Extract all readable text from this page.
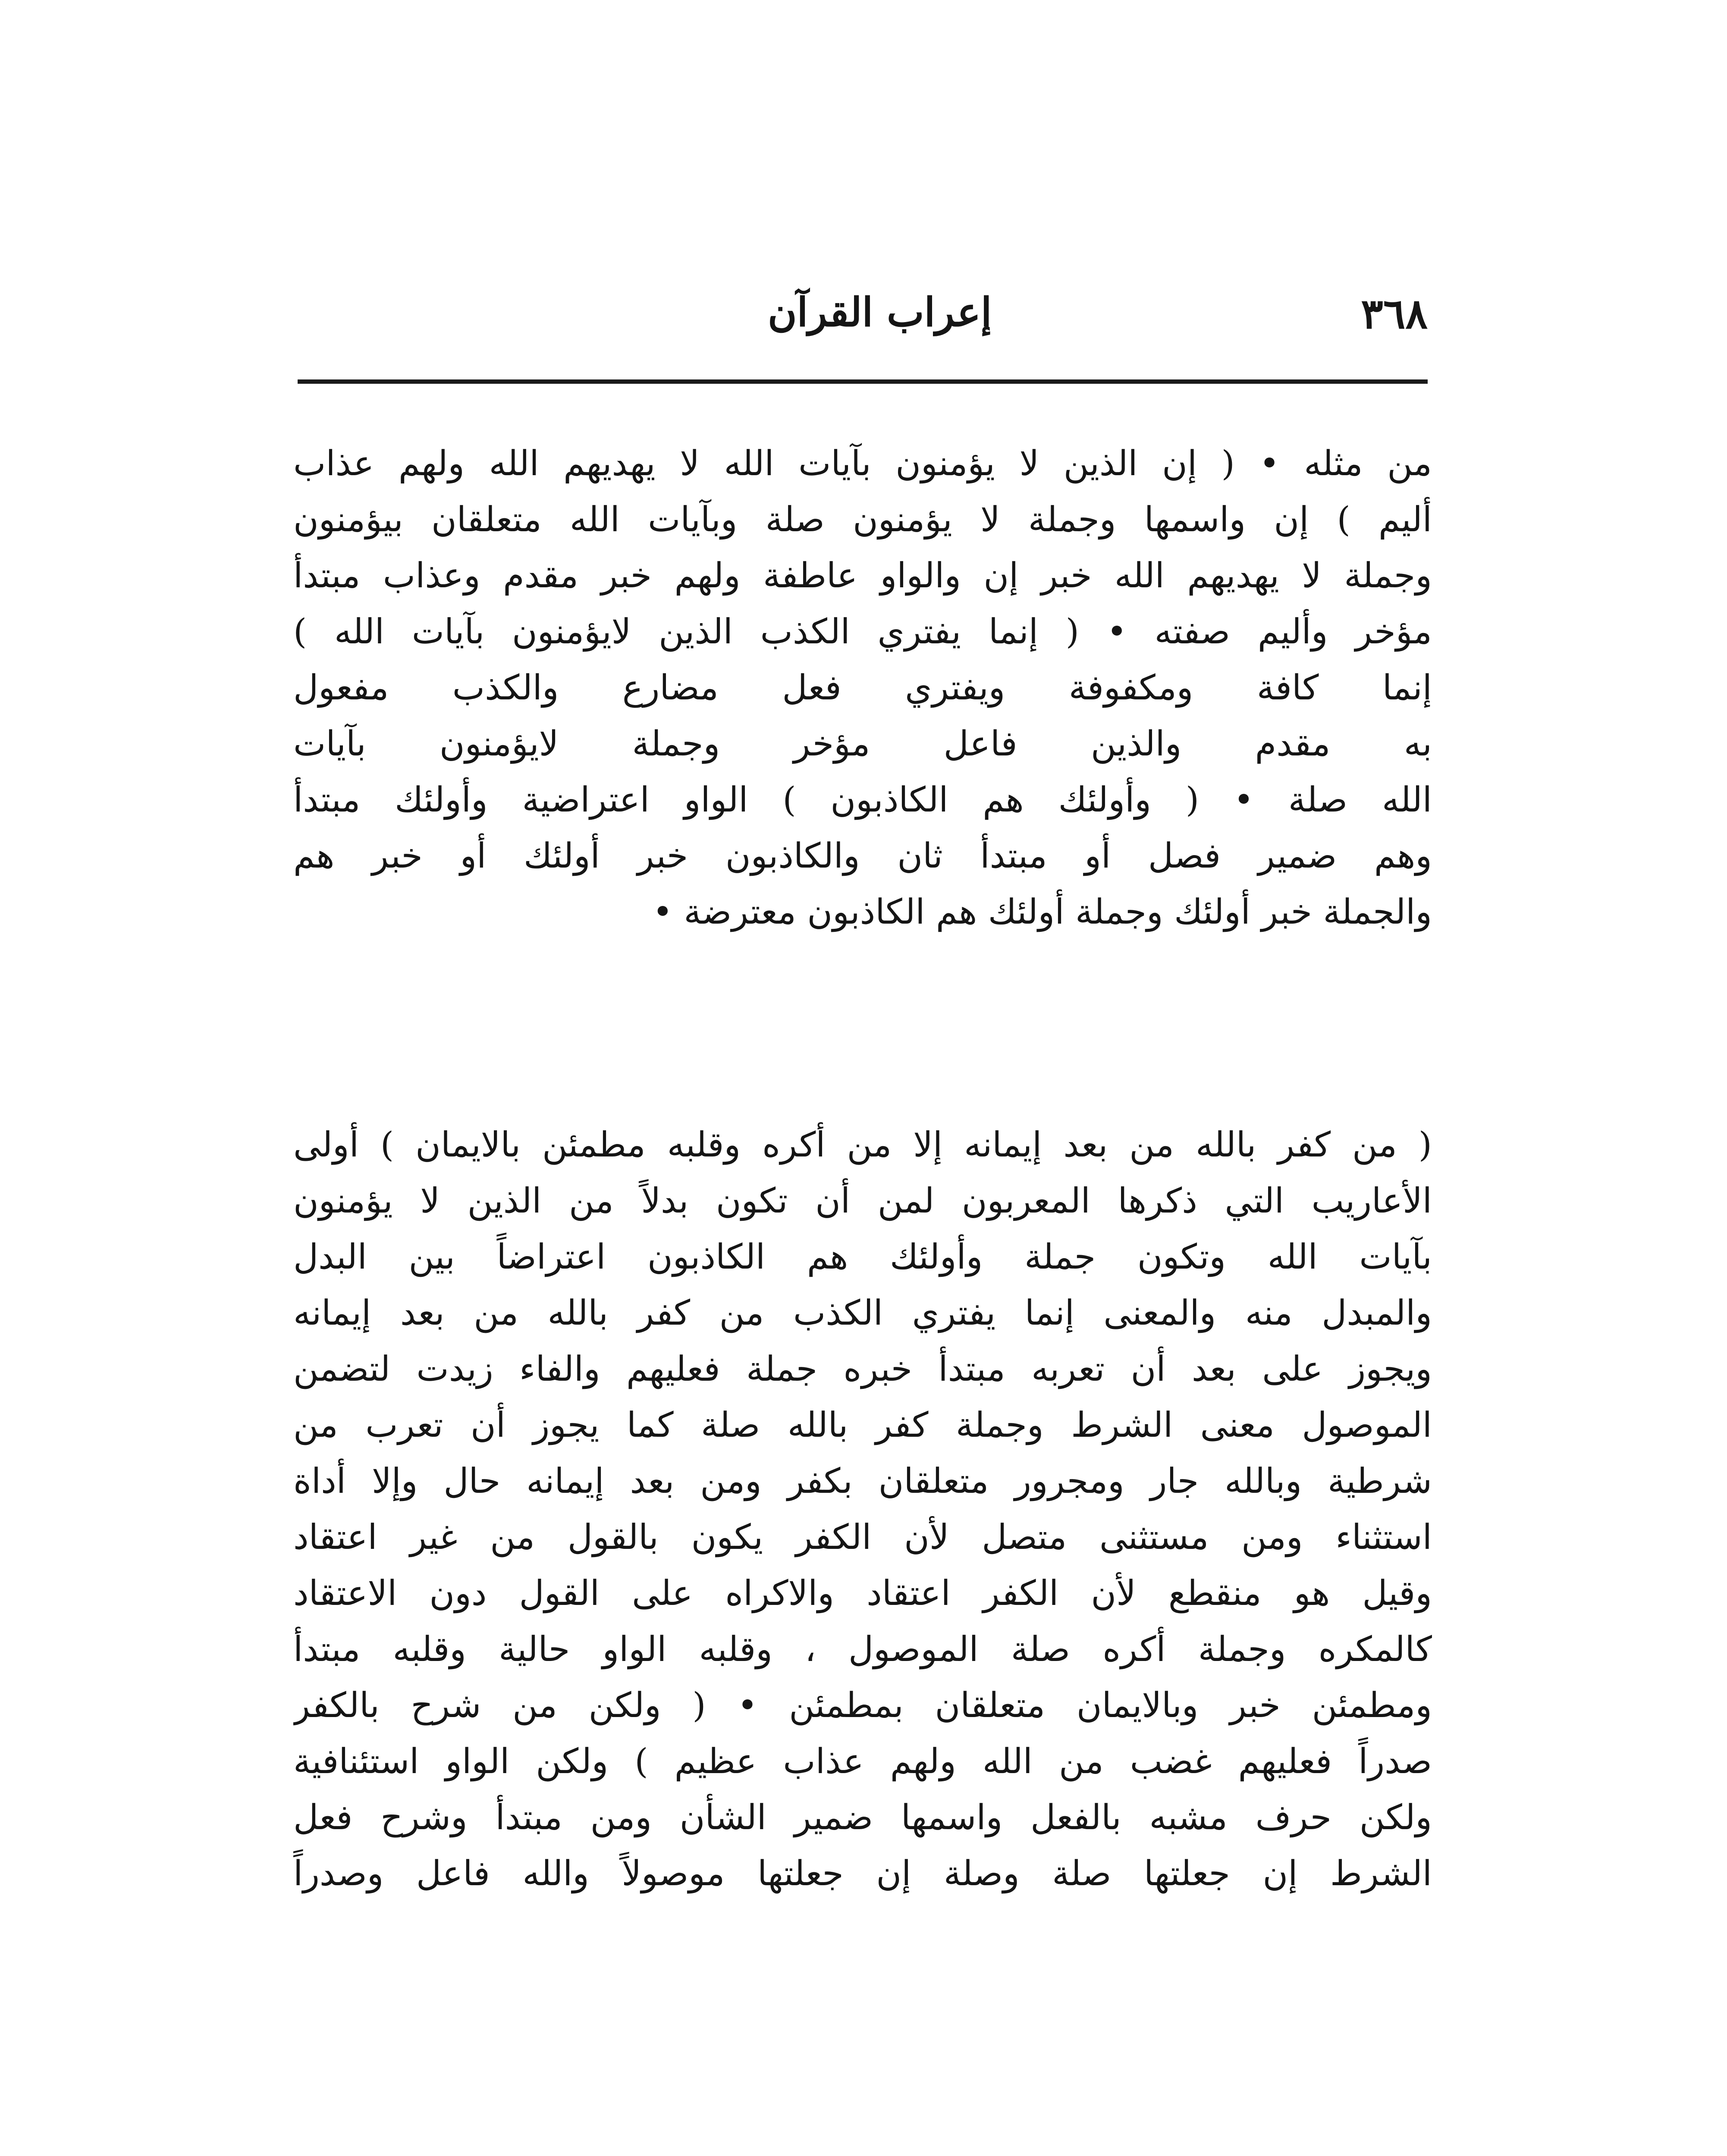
٣٦٨
إعراب القرآن
من مثله • ( إن الذين لا يؤمنون بآيات الله لا يهديهم الله ولهم عذاب
أليم ) إن واسمها وجملة لا يؤمنون صلة وبآيات الله متعلقان بيؤمنون
وجملة لا يهديهم الله خبر إن والواو عاطفة ولهم خبر مقدم وعذاب مبتدأ
مؤخر وأليم صفته • ( إنما يفتري الكذب الذين لايؤمنون بآيات الله )
إنما كافة ومكفوفة ويفتري فعل مضارع والكذب مفعول
به مقدم والذين فاعل مؤخر وجملة لايؤمنون بآيات
الله صلة • ( وأولئك هم الكاذبون ) الواو اعتراضية وأولئك مبتدأ
وهم ضمير فصل أو مبتدأ ثان والكاذبون خبر أولئك أو خبر هم
والجملة خبر أولئك وجملة أولئك هم الكاذبون معترضة •
( من كفر بالله من بعد إيمانه إلا من أكره وقلبه مطمئن بالايمان ) أولى
الأعاريب التي ذكرها المعربون لمن أن تكون بدلاً من الذين لا يؤمنون
بآيات الله وتكون جملة وأولئك هم الكاذبون اعتراضاً بين البدل
والمبدل منه والمعنى إنما يفتري الكذب من كفر بالله من بعد إيمانه
ويجوز على بعد أن تعربه مبتدأ خبره جملة فعليهم والفاء زيدت لتضمن
الموصول معنى الشرط وجملة كفر بالله صلة كما يجوز أن تعرب من
شرطية وبالله جار ومجرور متعلقان بكفر ومن بعد إيمانه حال وإلا أداة
استثناء ومن مستثنى متصل لأن الكفر يكون بالقول من غير اعتقاد
وقيل هو منقطع لأن الكفر اعتقاد والاكراه على القول دون الاعتقاد
كالمكره وجملة أكره صلة الموصول ، وقلبه الواو حالية وقلبه مبتدأ
ومطمئن خبر وبالايمان متعلقان بمطمئن • ( ولكن من شرح بالكفر
صدراً فعليهم غضب من الله ولهم عذاب عظيم ) ولكن الواو استئنافية
ولكن حرف مشبه بالفعل واسمها ضمير الشأن ومن مبتدأ وشرح فعل
الشرط إن جعلتها صلة وصلة إن جعلتها موصولاً والله فاعل وصدراً
